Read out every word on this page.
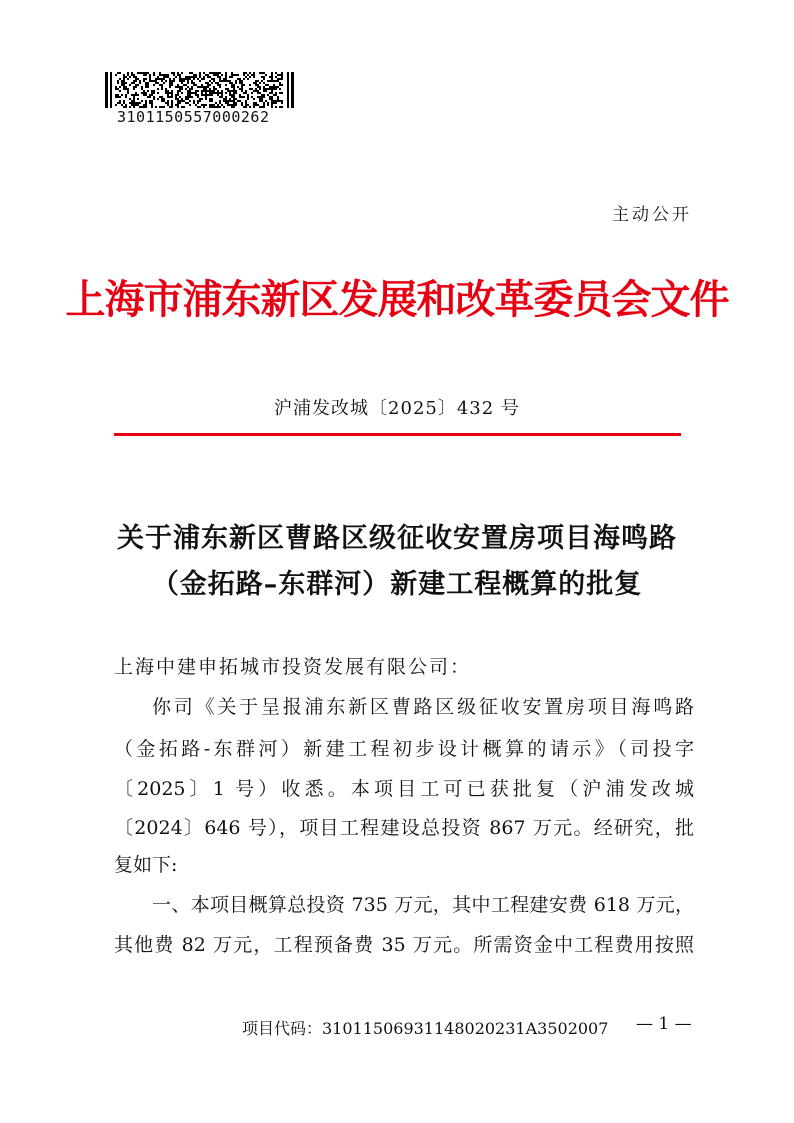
3101150557000262
主动公开
上海市浦东新区发展和改革委员会文件
沪浦发改城〔2025〕432 号
关于浦东新区曹路区级征收安置房项目海鸣路
（金拓路–东群河）新建工程概算的批复
上海中建申拓城市投资发展有限公司：
你司《关于呈报浦东新区曹路区级征收安置房项目海鸣路
（金拓路-东群河）新建工程初步设计概算的请示》（司投字
〔2025〕1 号）收悉。本项目工可已获批复（沪浦发改城
〔2024〕646 号），项目工程建设总投资 867 万元。经研究，批
复如下:
一、本项目概算总投资 735 万元，其中工程建安费 618 万元，
其他费 82 万元，工程预备费 35 万元。所需资金中工程费用按照
项目代码：31011506931148020231A3502007 — 1 —
